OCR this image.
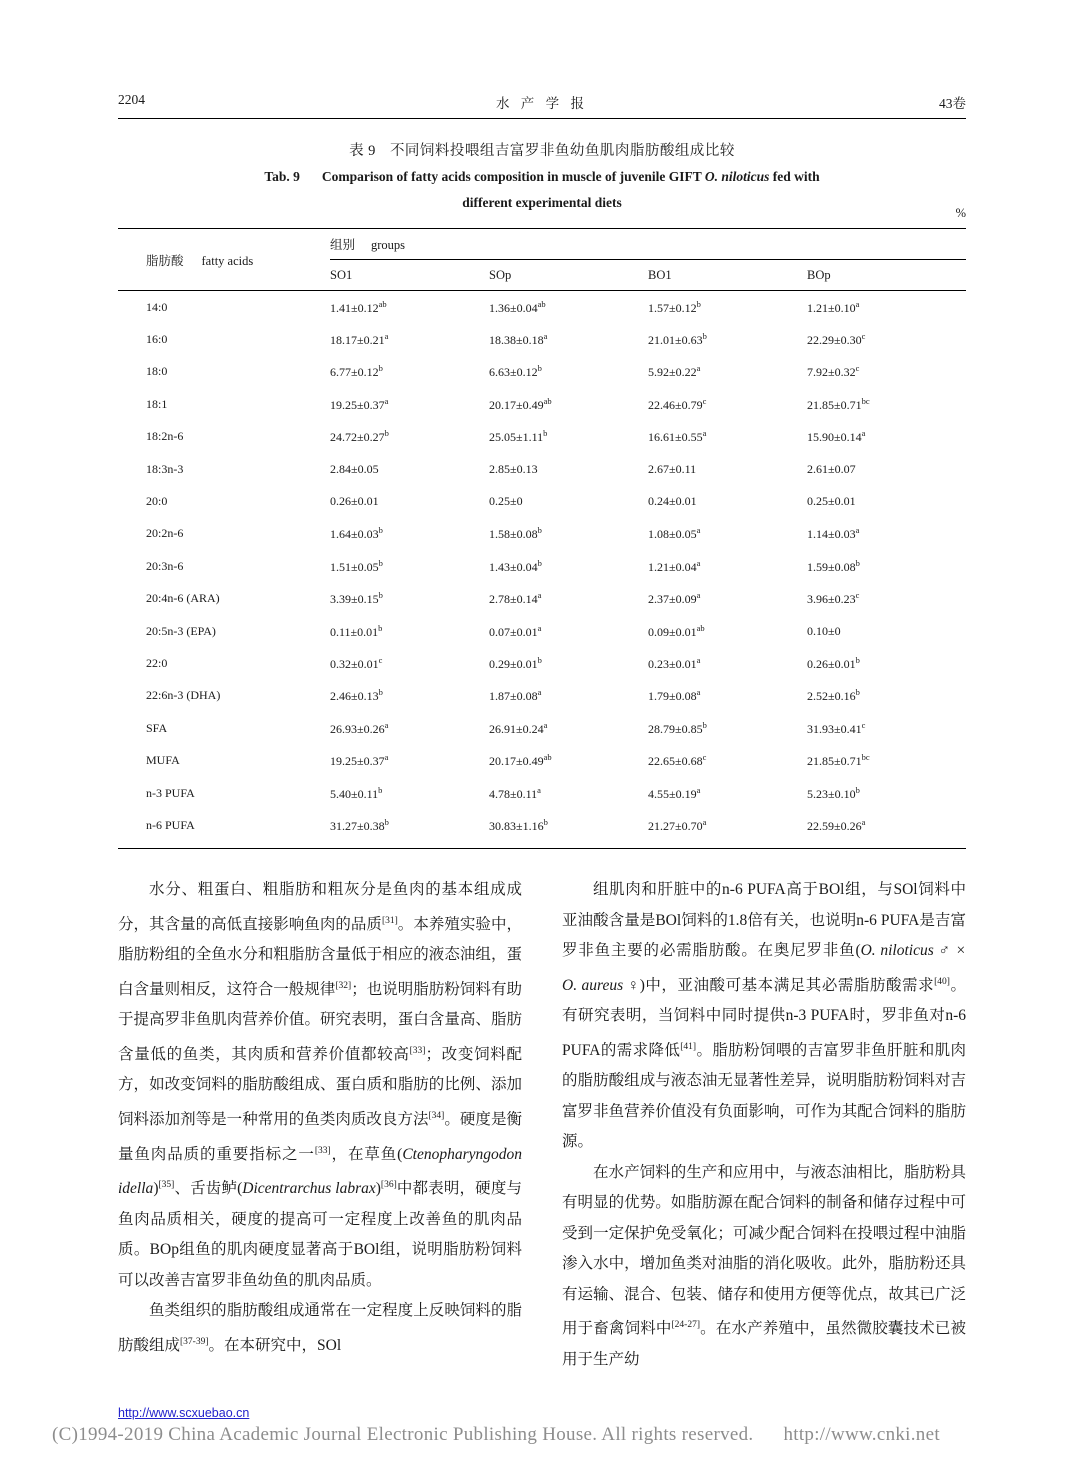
2204	水 产 学 报	43卷
表 9 不同饲料投喂组吉富罗非鱼幼鱼肌肉脂肪酸组成比较
Tab. 9 Comparison of fatty acids composition in muscle of juvenile GIFT O. niloticus fed with
different experimental diets
%
脂肪酸 fatty acids	组别 groups			
	SO1	SOp	BO1	BOp
14:0	1.41±0.12$^{ab}$	1.36±0.04$^{ab}$	1.57±0.12$^b$	1.21±0.10$^a$
16:0	18.17±0.21$^a$	18.38±0.18$^a$	21.01±0.63$^b$	22.29±0.30$^c$
18:0	6.77±0.12$^b$	6.63±0.12$^b$	5.92±0.22$^a$	7.92±0.32$^c$
18:1	19.25±0.37$^a$	20.17±0.49$^{ab}$	22.46±0.79$^c$	21.85±0.71$^{bc}$
18:2n-6	24.72±0.27$^b$	25.05±1.11$^b$	16.61±0.55$^a$	15.90±0.14$^a$
18:3n-3	2.84±0.05	2.85±0.13	2.67±0.11	2.61±0.07
20:0	0.26±0.01	0.25±0	0.24±0.01	0.25±0.01
20:2n-6	1.64±0.03$^b$	1.58±0.08$^b$	1.08±0.05$^a$	1.14±0.03$^a$
20:3n-6	1.51±0.05$^b$	1.43±0.04$^b$	1.21±0.04$^a$	1.59±0.08$^b$
20:4n-6 (ARA)	3.39±0.15$^b$	2.78±0.14$^a$	2.37±0.09$^a$	3.96±0.23$^c$
20:5n-3 (EPA)	0.11±0.01$^b$	0.07±0.01$^a$	0.09±0.01$^{ab}$	0.10±0
22:0	0.32±0.01$^c$	0.29±0.01$^b$	0.23±0.01$^a$	0.26±0.01$^b$
22:6n-3 (DHA)	2.46±0.13$^b$	1.87±0.08$^a$	1.79±0.08$^a$	2.52±0.16$^b$
SFA	26.93±0.26$^a$	26.91±0.24$^a$	28.79±0.85$^b$	31.93±0.41$^c$
MUFA	19.25±0.37$^a$	20.17±0.49$^{ab}$	22.65±0.68$^c$	21.85±0.71$^{bc}$
n-3 PUFA	5.40±0.11$^b$	4.78±0.11$^a$	4.55±0.19$^a$	5.23±0.10$^b$
n-6 PUFA	31.27±0.38$^b$	30.83±1.16$^b$	21.27±0.70$^a$	22.59±0.26$^a$

水分、粗蛋白、粗脂肪和粗灰分是鱼肉的基本组成成分，其含量的高低直接影响鱼肉的品质[31]。本养殖实验中，脂肪粉组的全鱼水分和粗脂肪含量低于相应的液态油组，蛋白含量则相反，这符合一般规律[32]；也说明脂肪粉饲料有助于提高罗非鱼肌肉营养价值。研究表明，蛋白含量高、脂肪含量低的鱼类，其肉质和营养价值都较高[33]；改变饲料配方，如改变饲料的脂肪酸组成、蛋白质和脂肪的比例、添加饲料添加剂等是一种常用的鱼类肉质改良方法[34]。硬度是衡量鱼肉品质的重要指标之一[33]，在草鱼(Ctenopharyngodon idella)[35]、舌齿鲈(Dicentrarchus labrax)[36]中都表明，硬度与鱼肉品质相关，硬度的提高可一定程度上改善鱼的肌肉品质。BOp组鱼的肌肉硬度显著高于BOl组，说明脂肪粉饲料可以改善吉富罗非鱼幼鱼的肌肉品质。

鱼类组织的脂肪酸组成通常在一定程度上反映饲料的脂肪酸组成[37-39]。在本研究中，SOl

组肌肉和肝脏中的n-6 PUFA高于BOl组，与SOl饲料中亚油酸含量是BOl饲料的1.8倍有关，也说明n-6 PUFA是吉富罗非鱼主要的必需脂肪酸。在奥尼罗非鱼(O. niloticus ♂ × O. aureus ♀)中，亚油酸可基本满足其必需脂肪酸需求[40]。有研究表明，当饲料中同时提供n-3 PUFA时，罗非鱼对n-6 PUFA的需求降低[41]。脂肪粉饲喂的吉富罗非鱼肝脏和肌肉的脂肪酸组成与液态油无显著性差异，说明脂肪粉饲料对吉富罗非鱼营养价值没有负面影响，可作为其配合饲料的脂肪源。

在水产饲料的生产和应用中，与液态油相比，脂肪粉具有明显的优势。如脂肪源在配合饲料的制备和储存过程中可受到一定保护免受氧化；可减少配合饲料在投喂过程中油脂渗入水中，增加鱼类对油脂的消化吸收。此外，脂肪粉还具有运输、混合、包装、储存和使用方便等优点，故其已广泛用于畜禽饲料中[24-27]。在水产养殖中，虽然微胶囊技术已被用于生产幼

http://www.scxuebao.cn
(C)1994-2019 China Academic Journal Electronic Publishing House. All rights reserved. http://www.cnki.net
